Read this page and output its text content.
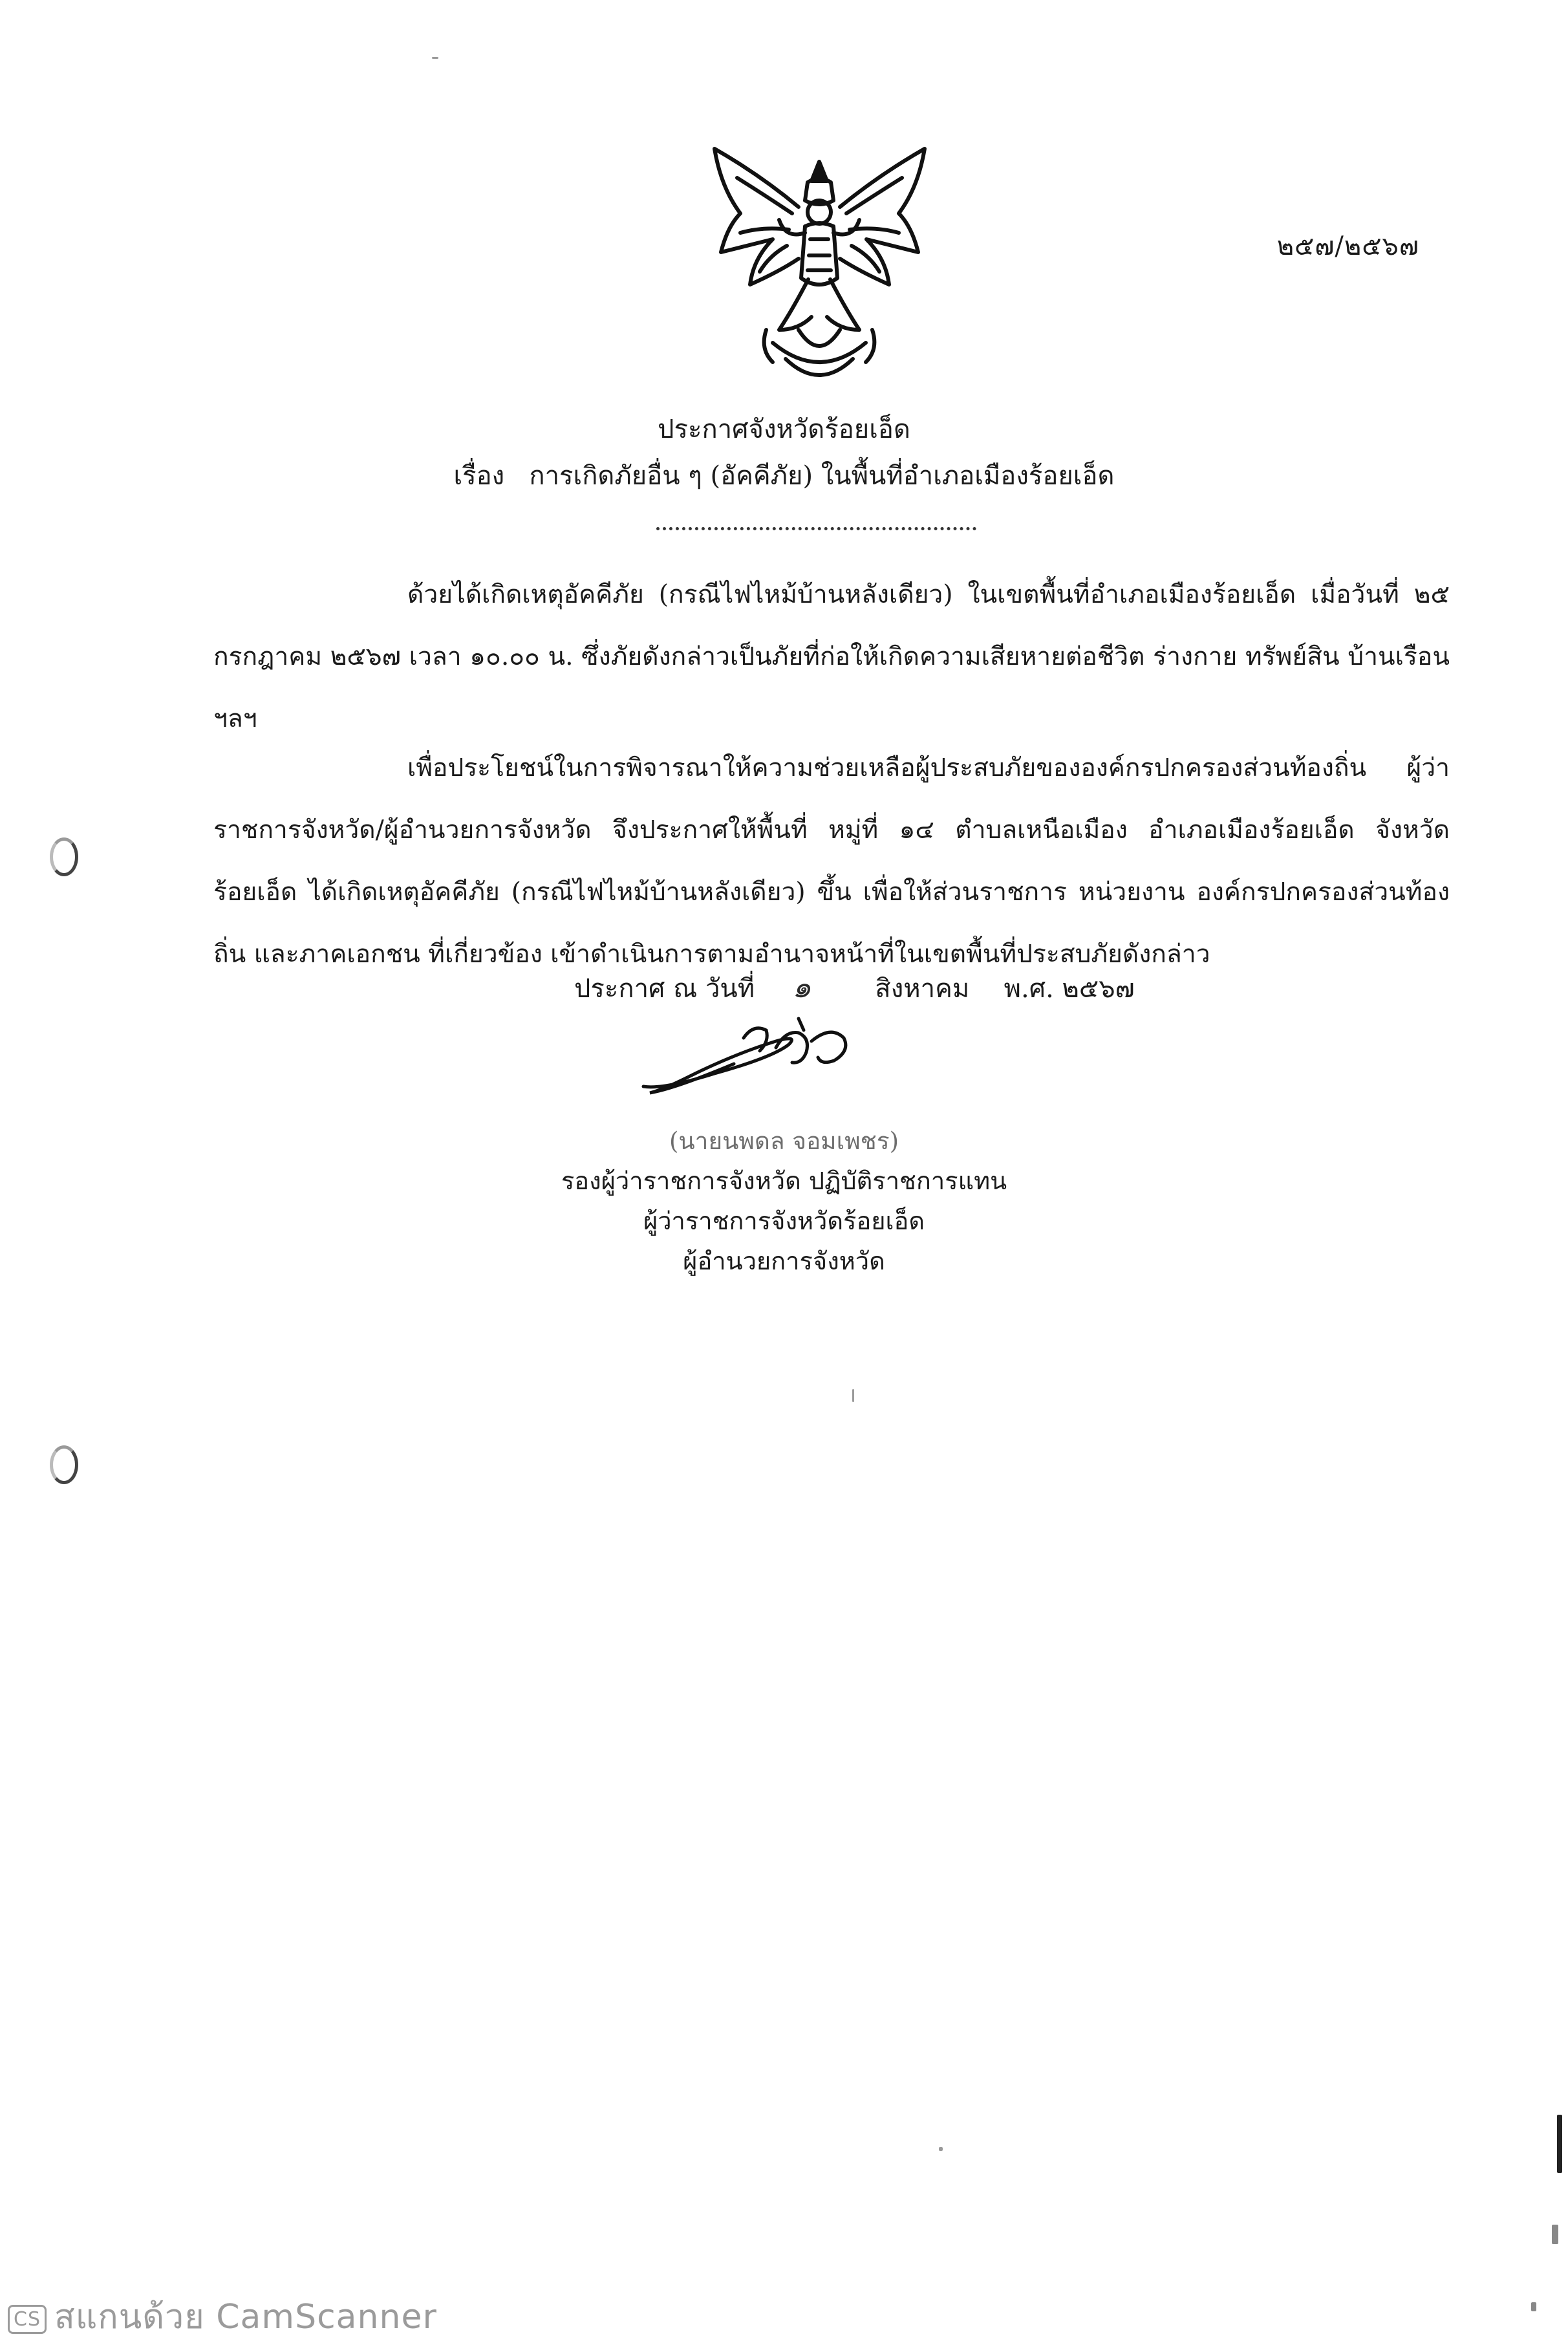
๒๕๗/๒๕๖๗
ประกาศจังหวัดร้อยเอ็ด
เรื่อง การเกิดภัยอื่น ๆ (อัคคีภัย) ในพื้นที่อำเภอเมืองร้อยเอ็ด
ด้วยได้เกิดเหตุอัคคีภัย (กรณีไฟไหม้บ้านหลังเดียว) ในเขตพื้นที่อำเภอเมืองร้อยเอ็ด เมื่อวันที่ ๒๕ กรกฎาคม ๒๕๖๗ เวลา ๑๐.๐๐ น. ซึ่งภัยดังกล่าวเป็นภัยที่ก่อให้เกิดความเสียหายต่อชีวิต ร่างกาย ทรัพย์สิน บ้านเรือน ฯลฯ
เพื่อประโยชน์ในการพิจารณาให้ความช่วยเหลือผู้ประสบภัยขององค์กรปกครองส่วนท้องถิ่น ผู้ว่าราชการจังหวัด/ผู้อำนวยการจังหวัด จึงประกาศให้พื้นที่ หมู่ที่ ๑๔ ตำบลเหนือเมือง อำเภอเมืองร้อยเอ็ด จังหวัดร้อยเอ็ด ได้เกิดเหตุอัคคีภัย (กรณีไฟไหม้บ้านหลังเดียว) ขึ้น เพื่อให้ส่วนราชการ หน่วยงาน องค์กรปกครองส่วนท้องถิ่น และภาคเอกชน ที่เกี่ยวข้อง เข้าดำเนินการตามอำนาจหน้าที่ในเขตพื้นที่ประสบภัยดังกล่าว
ประกาศ ณ วันที่ ๑ สิงหาคม พ.ศ. ๒๕๖๗
(นายนพดล จอมเพชร)
รองผู้ว่าราชการจังหวัด ปฏิบัติราชการแทน
ผู้ว่าราชการจังหวัดร้อยเอ็ด
ผู้อำนวยการจังหวัด
CS สแกนด้วย CamScanner
